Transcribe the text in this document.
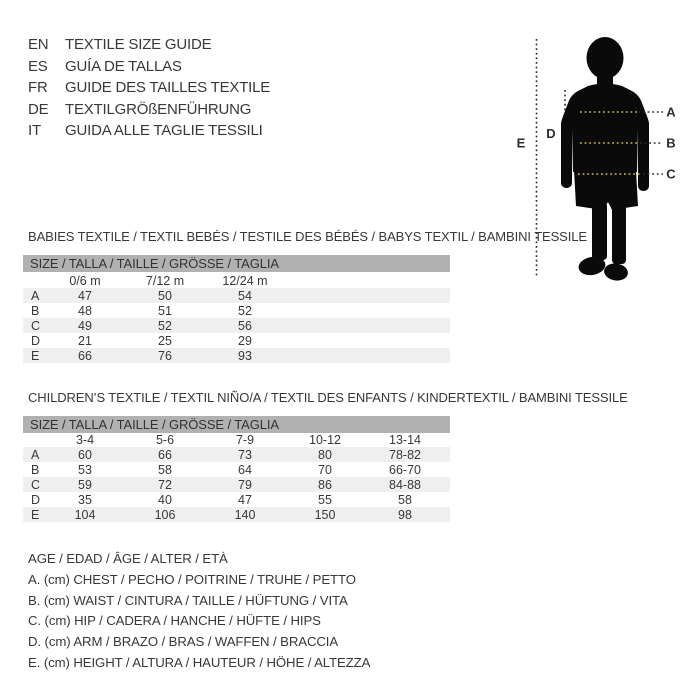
EN	TEXTILE SIZE GUIDE
ES	GUÍA DE TALLAS
FR	GUIDE DES TAILLES TEXTILE
DE	TEXTILGRÖßENFÜHRUNG
IT	GUIDA ALLE TAGLIE TESSILI
A
B
C
D
E
BABIES TEXTILE / TEXTIL BEBÉS / TESTILE DES BÉBÉS / BABYS TEXTIL / BAMBINI TESSILE
SIZE / TALLA / TAILLE / GRÖSSE / TAGLIA
	0/6 m	7/12 m	12/24 m	
A	47	50	54	
B	48	51	52	
C	49	52	56	
D	21	25	29	
E	66	76	93	
CHILDREN’S TEXTILE / TEXTIL NIÑO/A / TEXTIL DES ENFANTS / KINDERTEXTIL / BAMBINI TESSILE
SIZE / TALLA / TAILLE / GRÖSSE / TAGLIA
	3-4	5-6	7-9	10-12	13-14	
A	60	66	73	80	78-82	
B	53	58	64	70	66-70	
C	59	72	79	86	84-88	
D	35	40	47	55	58	
E	104	106	140	150	98	
AGE / EDAD / ÂGE / ALTER / ETÀ
A. (cm) CHEST / PECHO / POITRINE / TRUHE / PETTO
B. (cm) WAIST / CINTURA / TAILLE / HÜFTUNG / VITA
C. (cm) HIP / CADERA / HANCHE / HÜFTE / HIPS
D. (cm) ARM / BRAZO / BRAS / WAFFEN / BRACCIA
E. (cm) HEIGHT / ALTURA / HAUTEUR / HÖHE / ALTEZZA
